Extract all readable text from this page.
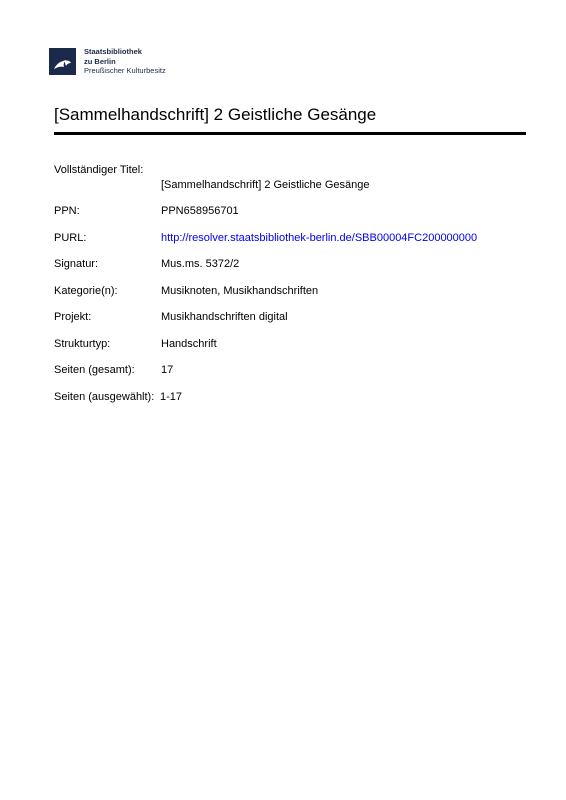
Staatsbibliothek
zu Berlin
Preußischer Kulturbesitz
[Sammelhandschrift] 2 Geistliche Gesänge
Vollständiger Titel:
[Sammelhandschrift] 2 Geistliche Gesänge
PPN:	PPN658956701
PURL:	http://resolver.staatsbibliothek-berlin.de/SBB00004FC200000000
Signatur:	Mus.ms. 5372/2
Kategorie(n):	Musiknoten, Musikhandschriften
Projekt:	Musikhandschriften digital
Strukturtyp:	Handschrift
Seiten (gesamt): 17
Seiten (ausgewählt): 1-17
